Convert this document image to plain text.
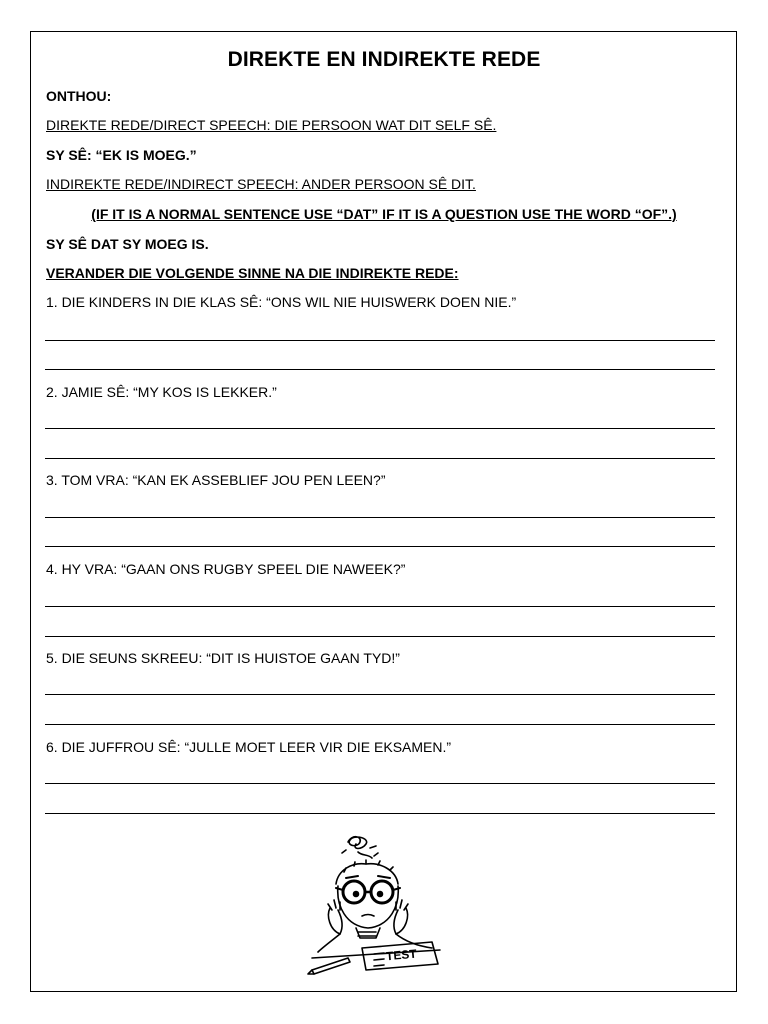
DIREKTE EN INDIREKTE REDE
ONTHOU:
DIREKTE REDE/DIRECT SPEECH: DIE PERSOON WAT DIT SELF SÊ.
SY SÊ: “EK IS MOEG.”
INDIREKTE REDE/INDIRECT SPEECH: ANDER PERSOON SÊ DIT.
(IF IT IS A NORMAL SENTENCE USE “DAT” IF IT IS A QUESTION USE THE WORD “OF”.)
SY SÊ DAT SY MOEG IS.
VERANDER DIE VOLGENDE SINNE NA DIE INDIREKTE REDE:
1. DIE KINDERS IN DIE KLAS SÊ: “ONS WIL NIE HUISWERK DOEN NIE.”
2. JAMIE SÊ: “MY KOS IS LEKKER.”
3. TOM VRA: “KAN EK ASSEBLIEF JOU PEN LEEN?”
4. HY VRA: “GAAN ONS RUGBY SPEEL DIE NAWEEK?”
5. DIE SEUNS SKREEU: “DIT IS HUISTOE GAAN TYD!”
6. DIE JUFFROU SÊ: “JULLE MOET LEER VIR DIE EKSAMEN.”
TEST
